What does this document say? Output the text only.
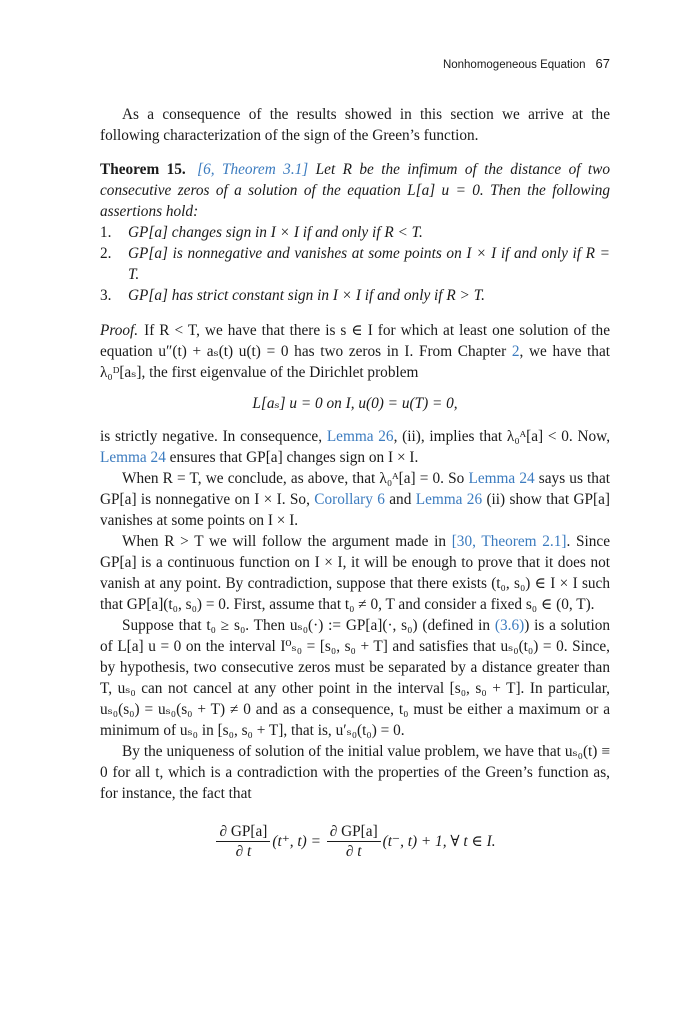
Nonhomogeneous Equation 67

As a consequence of the results showed in this section we arrive at the following characterization of the sign of the Green’s function.

Theorem 15. [6, Theorem 3.1] Let R be the infimum of the distance of two consecutive zeros of a solution of the equation L[a] u = 0. Then the following assertions hold:

1.	GP[a] changes sign in I × I if and only if R < T.
2.	GP[a] is nonnegative and vanishes at some points on I × I if and only if R = T.
3.	GP[a] has strict constant sign in I × I if and only if R > T.

Proof. If R < T, we have that there is s ∈ I for which at least one solution of the equation u″(t) + aₛ(t) u(t) = 0 has two zeros in I. From Chapter 2, we have that λ₀ᴰ[aₛ], the first eigenvalue of the Dirichlet problem

L[aₛ] u = 0 on I, u(0) = u(T) = 0,

is strictly negative. In consequence, Lemma 26, (ii), implies that λ₀ᴬ[a] < 0. Now, Lemma 24 ensures that GP[a] changes sign on I × I.

When R = T, we conclude, as above, that λ₀ᴬ[a] = 0. So Lemma 24 says us that GP[a] is nonnegative on I × I. So, Corollary 6 and Lemma 26 (ii) show that GP[a] vanishes at some points on I × I.

When R > T we will follow the argument made in [30, Theorem 2.1]. Since GP[a] is a continuous function on I × I, it will be enough to prove that it does not vanish at any point. By contradiction, suppose that there exists (t₀, s₀) ∈ I × I such that GP[a](t₀, s₀) = 0. First, assume that t₀ ≠ 0, T and consider a fixed s₀ ∈ (0, T).

Suppose that t₀ ≥ s₀. Then uₛ₀(·) := GP[a](·, s₀) (defined in (3.6)) is a solution of L[a] u = 0 on the interval I⁰ₛ₀ = [s₀, s₀ + T] and satisfies that uₛ₀(t₀) = 0. Since, by hypothesis, two consecutive zeros must be separated by a distance greater than T, uₛ₀ can not cancel at any other point in the interval [s₀, s₀ + T]. In particular, uₛ₀(s₀) = uₛ₀(s₀ + T) ≠ 0 and as a consequence, t₀ must be either a maximum or a minimum of uₛ₀ in [s₀, s₀ + T], that is, u′ₛ₀(t₀) = 0.

By the uniqueness of solution of the initial value problem, we have that uₛ₀(t) ≡ 0 for all t, which is a contradiction with the properties of the Green’s function as, for instance, the fact that

$\frac{\partial GP[a]}{\partial t} (t^+$, $t) = \frac{\partial GP[a]}{\partial t} (t^-$, t) + 1, ∀ t ∈ I.
